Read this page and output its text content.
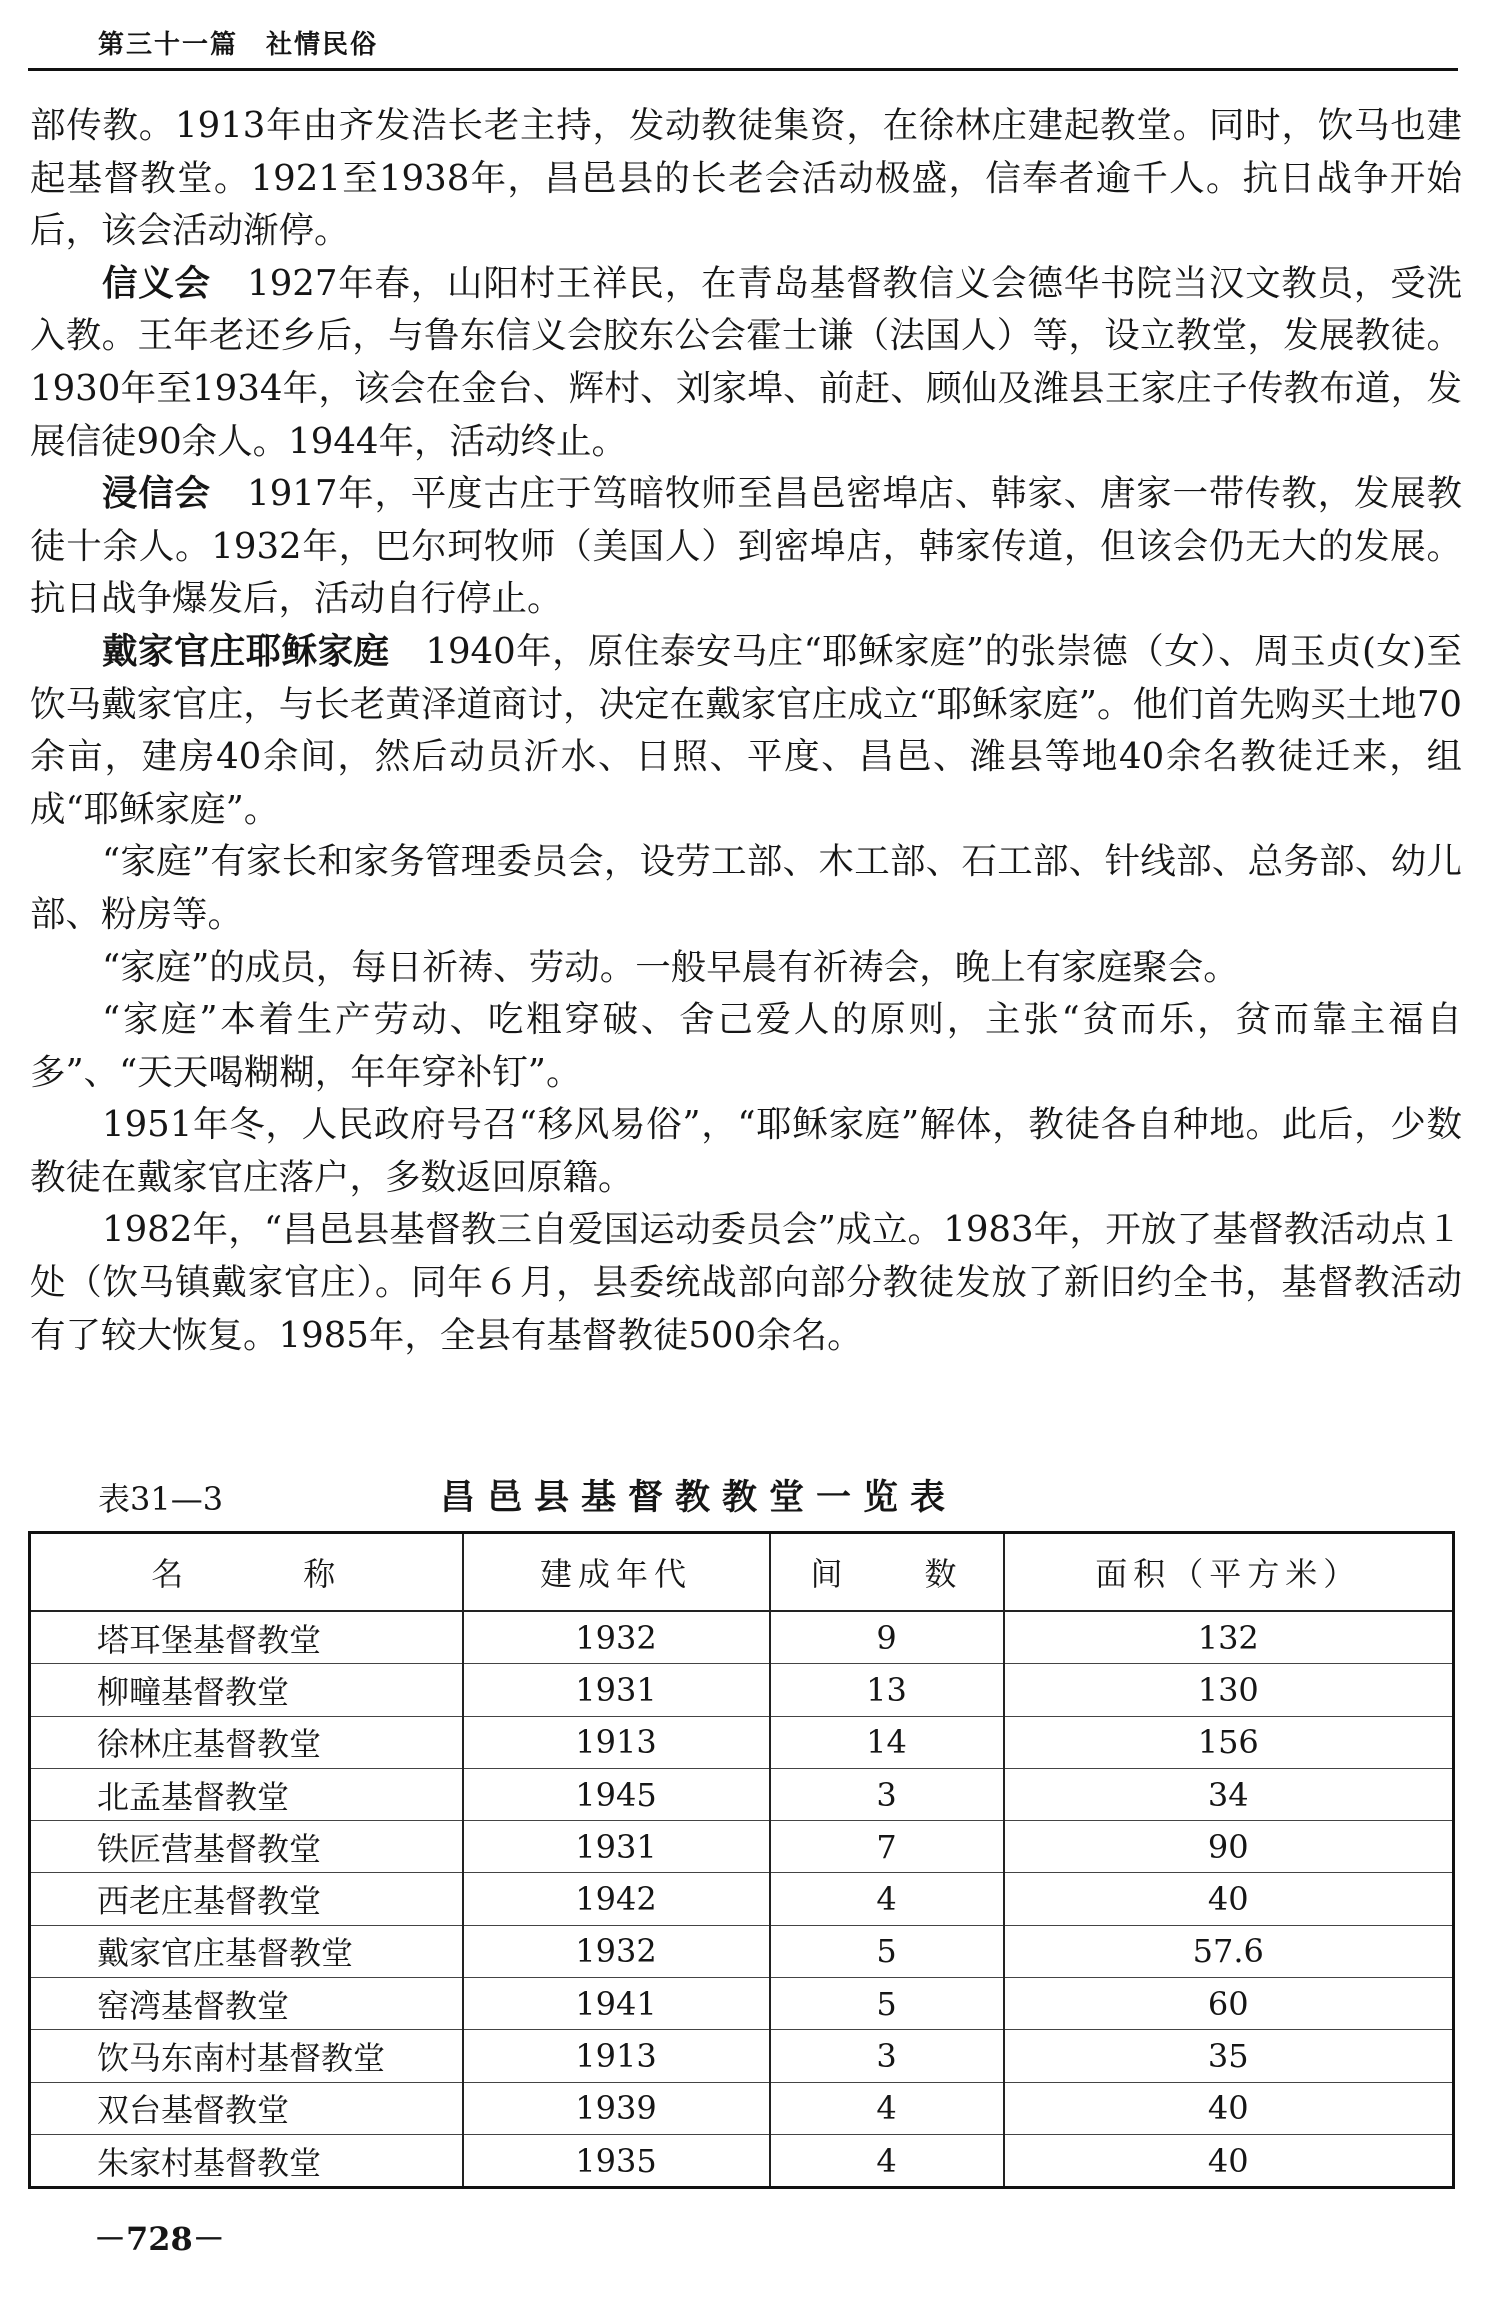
第三十一篇　社情民俗

部传教。1913年由齐发浩长老主持，发动教徒集资，在徐林庄建起教堂。同时，饮马也建起基督教堂。1921至1938年，昌邑县的长老会活动极盛，信奉者逾千人。抗日战争开始后，该会活动渐停。

信义会　1927年春，山阳村王祥民，在青岛基督教信义会德华书院当汉文教员，受洗入教。王年老还乡后，与鲁东信义会胶东公会霍士谦（法国人）等，设立教堂，发展教徒。1930年至1934年，该会在金台、辉村、刘家埠、前赶、顾仙及潍县王家庄子传教布道，发展信徒90余人。1944年，活动终止。

浸信会　1917年，平度古庄于笃暗牧师至昌邑密埠店、韩家、唐家一带传教，发展教徒十余人。1932年，巴尔珂牧师（美国人）到密埠店，韩家传道，但该会仍无大的发展。抗日战争爆发后，活动自行停止。

戴家官庄耶稣家庭　1940年，原住泰安马庄“耶稣家庭”的张崇德（女）、周玉贞(女)至饮马戴家官庄，与长老黄泽道商讨，决定在戴家官庄成立“耶稣家庭”。他们首先购买土地70余亩，建房40余间，然后动员沂水、日照、平度、昌邑、潍县等地40余名教徒迁来，组成“耶稣家庭”。

“家庭”有家长和家务管理委员会，设劳工部、木工部、石工部、针线部、总务部、幼儿部、粉房等。

“家庭”的成员，每日祈祷、劳动。一般早晨有祈祷会，晚上有家庭聚会。

“家庭”本着生产劳动、吃粗穿破、舍己爱人的原则，主张“贫而乐，贫而靠主福自多”、“天天喝糊糊，年年穿补钉”。

1951年冬，人民政府号召“移风易俗”，“耶稣家庭”解体，教徒各自种地。此后，少数教徒在戴家官庄落户，多数返回原籍。

1982年，“昌邑县基督教三自爱国运动委员会”成立。1983年，开放了基督教活动点１处（饮马镇戴家官庄）。同年６月，县委统战部向部分教徒发放了新旧约全书，基督教活动有了较大恢复。1985年，全县有基督教徒500余名。

表31—3	昌邑县基督教教堂一览表
名　　　称	建成年代	间　　数	面积（平方米）
塔耳堡基督教堂	1932	9	132
柳疃基督教堂	1931	13	130
徐林庄基督教堂	1913	14	156
北孟基督教堂	1945	3	34
铁匠营基督教堂	1931	7	90
西老庄基督教堂	1942	4	40
戴家官庄基督教堂	1932	5	57.6
窑湾基督教堂	1941	5	60
饮马东南村基督教堂	1913	3	35
双台基督教堂	1939	4	40
朱家村基督教堂	1935	4	40
－728－
